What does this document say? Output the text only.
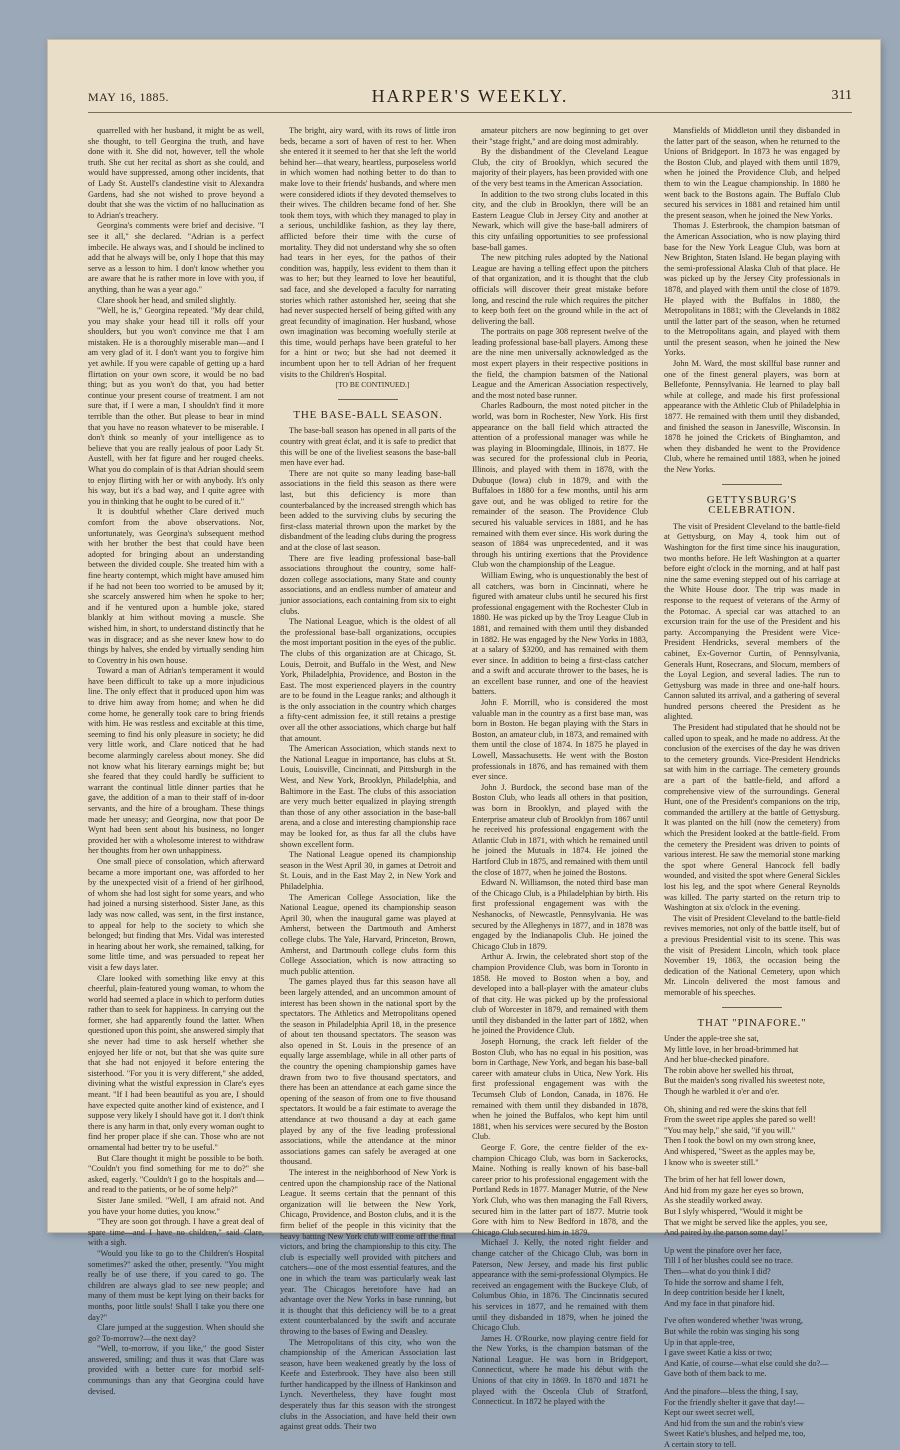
MAY 16, 1885.	HARPER'S WEEKLY.	311

quarrelled with her husband, it might be as well, she thought, to tell Georgina the truth, and have done with it. She did not, however, tell the whole truth. She cut her recital as short as she could, and would have suppressed, among other incidents, that of Lady St. Austell's clandestine visit to Alexandra Gardens, had she not wished to prove beyond a doubt that she was the victim of no hallucination as to Adrian's treachery.

Georgina's comments were brief and decisive. "I see it all," she declared. "Adrian is a perfect imbecile. He always was, and I should be inclined to add that he always will be, only I hope that this may serve as a lesson to him. I don't know whether you are aware that he is rather more in love with you, if anything, than he was a year ago."

Clare shook her head, and smiled slightly.

"Well, he is," Georgina repeated. "My dear child, you may shake your head till it rolls off your shoulders, but you won't convince me that I am mistaken. He is a thoroughly miserable man—and I am very glad of it. I don't want you to forgive him yet awhile. If you were capable of getting up a hard flirtation on your own score, it would be no bad thing; but as you won't do that, you had better continue your present course of treatment. I am not sure that, if I were a man, I shouldn't find it more terrible than the other. But please to bear in mind that you have no reason whatever to be miserable. I don't think so meanly of your intelligence as to believe that you are really jealous of poor Lady St. Austell, with her fat figure and her rouged cheeks. What you do complain of is that Adrian should seem to enjoy flirting with her or with anybody. It's only his way, but it's a bad way, and I quite agree with you in thinking that he ought to be cured of it."

It is doubtful whether Clare derived much comfort from the above observations. Nor, unfortunately, was Georgina's subsequent method with her brother the best that could have been adopted for bringing about an understanding between the divided couple. She treated him with a fine hearty contempt, which might have amused him if he had not been too worried to be amused by it; she scarcely answered him when he spoke to her; and if he ventured upon a humble joke, stared blankly at him without moving a muscle. She wished him, in short, to understand distinctly that he was in disgrace; and as she never knew how to do things by halves, she ended by virtually sending him to Coventry in his own house.

Toward a man of Adrian's temperament it would have been difficult to take up a more injudicious line. The only effect that it produced upon him was to drive him away from home; and when he did come home, he generally took care to bring friends with him. He was restless and excitable at this time, seeming to find his only pleasure in society; he did very little work, and Clare noticed that he had become alarmingly careless about money. She did not know what his literary earnings might be; but she feared that they could hardly be sufficient to warrant the continual little dinner parties that he gave, the addition of a man to their staff of in-door servants, and the hire of a brougham. These things made her uneasy; and Georgina, now that poor De Wynt had been sent about his business, no longer provided her with a wholesome interest to withdraw her thoughts from her own unhappiness.

One small piece of consolation, which afterward became a more important one, was afforded to her by the unexpected visit of a friend of her girlhood, of whom she had lost sight for some years, and who had joined a nursing sisterhood. Sister Jane, as this lady was now called, was sent, in the first instance, to appeal for help to the society to which she belonged; but finding that Mrs. Vidal was interested in hearing about her work, she remained, talking, for some little time, and was persuaded to repeat her visit a few days later.

Clare looked with something like envy at this cheerful, plain-featured young woman, to whom the world had seemed a place in which to perform duties rather than to seek for happiness. In carrying out the former, she had apparently found the latter. When questioned upon this point, she answered simply that she never had time to ask herself whether she enjoyed her life or not, but that she was quite sure that she had not enjoyed it before entering the sisterhood. "For you it is very different," she added, divining what the wistful expression in Clare's eyes meant. "If I had been beautiful as you are, I should have expected quite another kind of existence, and I suppose very likely I should have got it. I don't think there is any harm in that, only every woman ought to find her proper place if she can. Those who are not ornamental had better try to be useful."

But Clare thought it might be possible to be both. "Couldn't you find something for me to do?" she asked, eagerly. "Couldn't I go to the hospitals and—and read to the patients, or be of some help?"

Sister Jane smiled. "Well, I am afraid not. And you have your home duties, you know."

"They are soon got through. I have a great deal of spare time—and I have no children," said Clare, with a sigh.

"Would you like to go to the Children's Hospital sometimes?" asked the other, presently. "You might really be of use there, if you cared to go. The children are always glad to see new people; and many of them must be kept lying on their backs for months, poor little souls! Shall I take you there one day?"

Clare jumped at the suggestion. When should she go? To-morrow?—the next day?

"Well, to-morrow, if you like," the good Sister answered, smiling; and thus it was that Clare was provided with a better cure for morbid self-communings than any that Georgina could have devised.

The bright, airy ward, with its rows of little iron beds, became a sort of haven of rest to her. When she entered it it seemed to her that she left the world behind her—that weary, heartless, purposeless world in which women had nothing better to do than to make love to their friends' husbands, and where men were considered idiots if they devoted themselves to their wives. The children became fond of her. She took them toys, with which they managed to play in a serious, unchildlike fashion, as they lay there, afflicted before their time with the curse of mortality. They did not understand why she so often had tears in her eyes, for the pathos of their condition was, happily, less evident to them than it was to her; but they learned to love her beautiful, sad face, and she developed a faculty for narrating stories which rather astonished her, seeing that she had never suspected herself of being gifted with any great fecundity of imagination. Her husband, whose own imagination was becoming woefully sterile at this time, would perhaps have been grateful to her for a hint or two; but she had not deemed it incumbent upon her to tell Adrian of her frequent visits to the Children's Hospital.

[TO BE CONTINUED.]

THE BASE-BALL SEASON.

The base-ball season has opened in all parts of the country with great éclat, and it is safe to predict that this will be one of the liveliest seasons the base-ball men have ever had.

There are not quite so many leading base-ball associations in the field this season as there were last, but this deficiency is more than counterbalanced by the increased strength which has been added to the surviving clubs by securing the first-class material thrown upon the market by the disbandment of the leading clubs during the progress and at the close of last season.

There are five leading professional base-ball associations throughout the country, some half-dozen college associations, many State and county associations, and an endless number of amateur and junior associations, each containing from six to eight clubs.

The National League, which is the oldest of all the professional base-ball organizations, occupies the most important position in the eyes of the public. The clubs of this organization are at Chicago, St. Louis, Detroit, and Buffalo in the West, and New York, Philadelphia, Providence, and Boston in the East. The most experienced players in the country are to be found in the League ranks; and although it is the only association in the country which charges a fifty-cent admission fee, it still retains a prestige over all the other associations, which charge but half that amount.

The American Association, which stands next to the National League in importance, has clubs at St. Louis, Louisville, Cincinnati, and Pittsburgh in the West, and New York, Brooklyn, Philadelphia, and Baltimore in the East. The clubs of this association are very much better equalized in playing strength than those of any other association in the base-ball arena, and a close and interesting championship race may be looked for, as thus far all the clubs have shown excellent form.

The National League opened its championship season in the West April 30, in games at Detroit and St. Louis, and in the East May 2, in New York and Philadelphia.

The American College Association, like the National League, opened its championship season April 30, when the inaugural game was played at Amherst, between the Dartmouth and Amherst college clubs. The Yale, Harvard, Princeton, Brown, Amherst, and Dartmouth college clubs form this College Association, which is now attracting so much public attention.

The games played thus far this season have all been largely attended, and an uncommon amount of interest has been shown in the national sport by the spectators. The Athletics and Metropolitans opened the season in Philadelphia April 18, in the presence of about ten thousand spectators. The season was also opened in St. Louis in the presence of an equally large assemblage, while in all other parts of the country the opening championship games have drawn from two to five thousand spectators, and there has been an attendance at each game since the opening of the season of from one to five thousand spectators. It would be a fair estimate to average the attendance at two thousand a day at each game played by any of the five leading professional associations, while the attendance at the minor associations games can safely be averaged at one thousand.

The interest in the neighborhood of New York is centred upon the championship race of the National League. It seems certain that the pennant of this organization will lie between the New York, Chicago, Providence, and Boston clubs, and it is the firm belief of the people in this vicinity that the heavy batting New York club will come off the final victors, and bring the championship to this city. The club is especially well provided with pitchers and catchers—one of the most essential features, and the one in which the team was particularly weak last year. The Chicagos heretofore have had an advantage over the New Yorks in base running, but it is thought that this deficiency will be to a great extent counterbalanced by the swift and accurate throwing to the bases of Ewing and Deasley.

The Metropolitans of this city, who won the championship of the American Association last season, have been weakened greatly by the loss of Keefe and Esterbrook. They have also been still further handicapped by the illness of Hankinson and Lynch. Nevertheless, they have fought most desperately thus far this season with the strongest clubs in the Association, and have held their own against great odds. Their two

amateur pitchers are now beginning to get over their "stage fright," and are doing most admirably.

By the disbandment of the Cleveland League Club, the city of Brooklyn, which secured the majority of their players, has been provided with one of the very best teams in the American Association.

In addition to the two strong clubs located in this city, and the club in Brooklyn, there will be an Eastern League Club in Jersey City and another at Newark, which will give the base-ball admirers of this city unfailing opportunities to see professional base-ball games.

The new pitching rules adopted by the National League are having a telling effect upon the pitchers of that organization, and it is thought that the club officials will discover their great mistake before long, and rescind the rule which requires the pitcher to keep both feet on the ground while in the act of delivering the ball.

The portraits on page 308 represent twelve of the leading professional base-ball players. Among these are the nine men universally acknowledged as the most expert players in their respective positions in the field, the champion batsmen of the National League and the American Association respectively, and the most noted base runner.

Charles Radbourn, the most noted pitcher in the world, was born in Rochester, New York. His first appearance on the ball field which attracted the attention of a professional manager was while he was playing in Bloomingdale, Illinois, in 1877. He was secured for the professional club in Peoria, Illinois, and played with them in 1878, with the Dubuque (Iowa) club in 1879, and with the Buffaloes in 1880 for a few months, until his arm gave out, and he was obliged to retire for the remainder of the season. The Providence Club secured his valuable services in 1881, and he has remained with them ever since. His work during the season of 1884 was unprecedented, and it was through his untiring exertions that the Providence Club won the championship of the League.

William Ewing, who is unquestionably the best of all catchers, was born in Cincinnati, where he figured with amateur clubs until he secured his first professional engagement with the Rochester Club in 1880. He was picked up by the Troy League Club in 1881, and remained with them until they disbanded in 1882. He was engaged by the New Yorks in 1883, at a salary of $3200, and has remained with them ever since. In addition to being a first-class catcher and a swift and accurate thrower to the bases, he is an excellent base runner, and one of the heaviest batters.

John F. Morrill, who is considered the most valuable man in the country as a first base man, was born in Boston. He began playing with the Stars in Boston, an amateur club, in 1873, and remained with them until the close of 1874. In 1875 he played in Lowell, Massachusetts. He went with the Boston professionals in 1876, and has remained with them ever since.

John J. Burdock, the second base man of the Boston Club, who leads all others in that position, was born in Brooklyn, and played with the Enterprise amateur club of Brooklyn from 1867 until he received his professional engagement with the Atlantic Club in 1871, with which he remained until he joined the Mutuals in 1874. He joined the Hartford Club in 1875, and remained with them until the close of 1877, when he joined the Bostons.

Edward N. Williamson, the noted third base man of the Chicago Club, is a Philadelphian by birth. His first professional engagement was with the Neshanocks, of Newcastle, Pennsylvania. He was secured by the Alleghenys in 1877, and in 1878 was engaged by the Indianapolis Club. He joined the Chicago Club in 1879.

Arthur A. Irwin, the celebrated short stop of the champion Providence Club, was born in Toronto in 1858. He moved to Boston when a boy, and developed into a ball-player with the amateur clubs of that city. He was picked up by the professional club of Worcester in 1879, and remained with them until they disbanded in the latter part of 1882, when he joined the Providence Club.

Joseph Hornung, the crack left fielder of the Boston Club, who has no equal in his position, was born in Carthage, New York, and began his base-ball career with amateur clubs in Utica, New York. His first professional engagement was with the Tecumseh Club of London, Canada, in 1876. He remained with them until they disbanded in 1878, when he joined the Buffalos, who kept him until 1881, when his services were secured by the Boston Club.

George F. Gore, the centre fielder of the ex-champion Chicago Club, was born in Sackerocks, Maine. Nothing is really known of his base-ball career prior to his professional engagement with the Portland Reds in 1877. Manager Mutrie, of the New York Club, who was then managing the Fall Rivers, secured him in the latter part of 1877. Mutrie took Gore with him to New Bedford in 1878, and the Chicago Club secured him in 1879.

Michael J. Kelly, the noted right fielder and change catcher of the Chicago Club, was born in Paterson, New Jersey, and made his first public appearance with the semi-professional Olympics. He received an engagement with the Buckeye Club, of Columbus Ohio, in 1876. The Cincinnatis secured his services in 1877, and he remained with them until they disbanded in 1879, when he joined the Chicago Club.

James H. O'Rourke, now playing centre field for the New Yorks, is the champion batsman of the National League. He was born in Bridgeport, Connecticut, where he made his début with the Unions of that city in 1869. In 1870 and 1871 he played with the Osceola Club of Stratford, Connecticut. In 1872 he played with the

Mansfields of Middleton until they disbanded in the latter part of the season, when he returned to the Unions of Bridgeport. In 1873 he was engaged by the Boston Club, and played with them until 1879, when he joined the Providence Club, and helped them to win the League championship. In 1880 he went back to the Bostons again. The Buffalo Club secured his services in 1881 and retained him until the present season, when he joined the New Yorks.

Thomas J. Esterbrook, the champion batsman of the American Association, who is now playing third base for the New York League Club, was born at New Brighton, Staten Island. He began playing with the semi-professional Alaska Club of that place. He was picked up by the Jersey City professionals in 1878, and played with them until the close of 1879. He played with the Buffalos in 1880, the Metropolitans in 1881; with the Clevelands in 1882 until the latter part of the season, when he returned to the Metropolitans again, and played with them until the present season, when he joined the New Yorks.

John M. Ward, the most skillful base runner and one of the finest general players, was born at Bellefonte, Pennsylvania. He learned to play ball while at college, and made his first professional appearance with the Athletic Club of Philadelphia in 1877. He remained with them until they disbanded, and finished the season in Janesville, Wisconsin. In 1878 he joined the Crickets of Binghamton, and when they disbanded he went to the Providence Club, where he remained until 1883, when he joined the New Yorks.

GETTYSBURG'S CELEBRATION.

The visit of President Cleveland to the battle-field at Gettysburg, on May 4, took him out of Washington for the first time since his inauguration, two months before. He left Washington at a quarter before eight o'clock in the morning, and at half past nine the same evening stepped out of his carriage at the White House door. The trip was made in response to the request of veterans of the Army of the Potomac. A special car was attached to an excursion train for the use of the President and his party. Accompanying the President were Vice-President Hendricks, several members of the cabinet, Ex-Governor Curtin, of Pennsylvania, Generals Hunt, Rosecrans, and Slocum, members of the Loyal Legion, and several ladies. The run to Gettysburg was made in three and one-half hours. Cannon saluted its arrival, and a gathering of several hundred persons cheered the President as he alighted.

The President had stipulated that he should not be called upon to speak, and he made no address. At the conclusion of the exercises of the day he was driven to the cemetery grounds. Vice-President Hendricks sat with him in the carriage. The cemetery grounds are a part of the battle-field, and afford a comprehensive view of the surroundings. General Hunt, one of the President's companions on the trip, commanded the artillery at the battle of Gettysburg. It was planted on the hill (now the cemetery) from which the President looked at the battle-field. From the cemetery the President was driven to points of various interest. He saw the memorial stone marking the spot where General Hancock fell badly wounded, and visited the spot where General Sickles lost his leg, and the spot where General Reynolds was killed. The party started on the return trip to Washington at six o'clock in the evening.

The visit of President Cleveland to the battle-field revives memories, not only of the battle itself, but of a previous Presidential visit to its scene. This was the visit of President Lincoln, which took place November 19, 1863, the occasion being the dedication of the National Cemetery, upon which Mr. Lincoln delivered the most famous and memorable of his speeches.

THAT "PINAFORE."

Under the apple-tree she sat,

My little love, in her broad-brimmed hat

And her blue-checked pinafore.

The robin above her swelled his throat,

But the maiden's song rivalled his sweetest note,

Though he warbled it o'er and o'er.

Oh, shining and red were the skins that fell

From the sweet ripe apples she pared so well!

"You may help," she said, "if you will."

Then I took the bowl on my own strong knee,

And whispered, "Sweet as the apples may be,

I know who is sweeter still."

The brim of her hat fell lower down,

And hid from my gaze her eyes so brown,

As she steadily worked away.

But I slyly whispered, "Would it might be

That we might be served like the apples, you see,

And paired by the parson some day!"

Up went the pinafore over her face,

Till I of her blushes could see no trace.

Then—what do you think I did?

To hide the sorrow and shame I felt,

In deep contrition beside her I knelt,

And my face in that pinafore hid.

I've often wondered whether 'twas wrong,

But while the robin was singing his song

Up in that apple-tree,

I gave sweet Katie a kiss or two;

And Katie, of course—what else could she do?—

Gave both of them back to me.

And the pinafore—bless the thing, I say,

For the friendly shelter it gave that day!—

Kept our sweet secret well,

And hid from the sun and the robin's view

Sweet Katie's blushes, and helped me, too,

A certain story to tell.
